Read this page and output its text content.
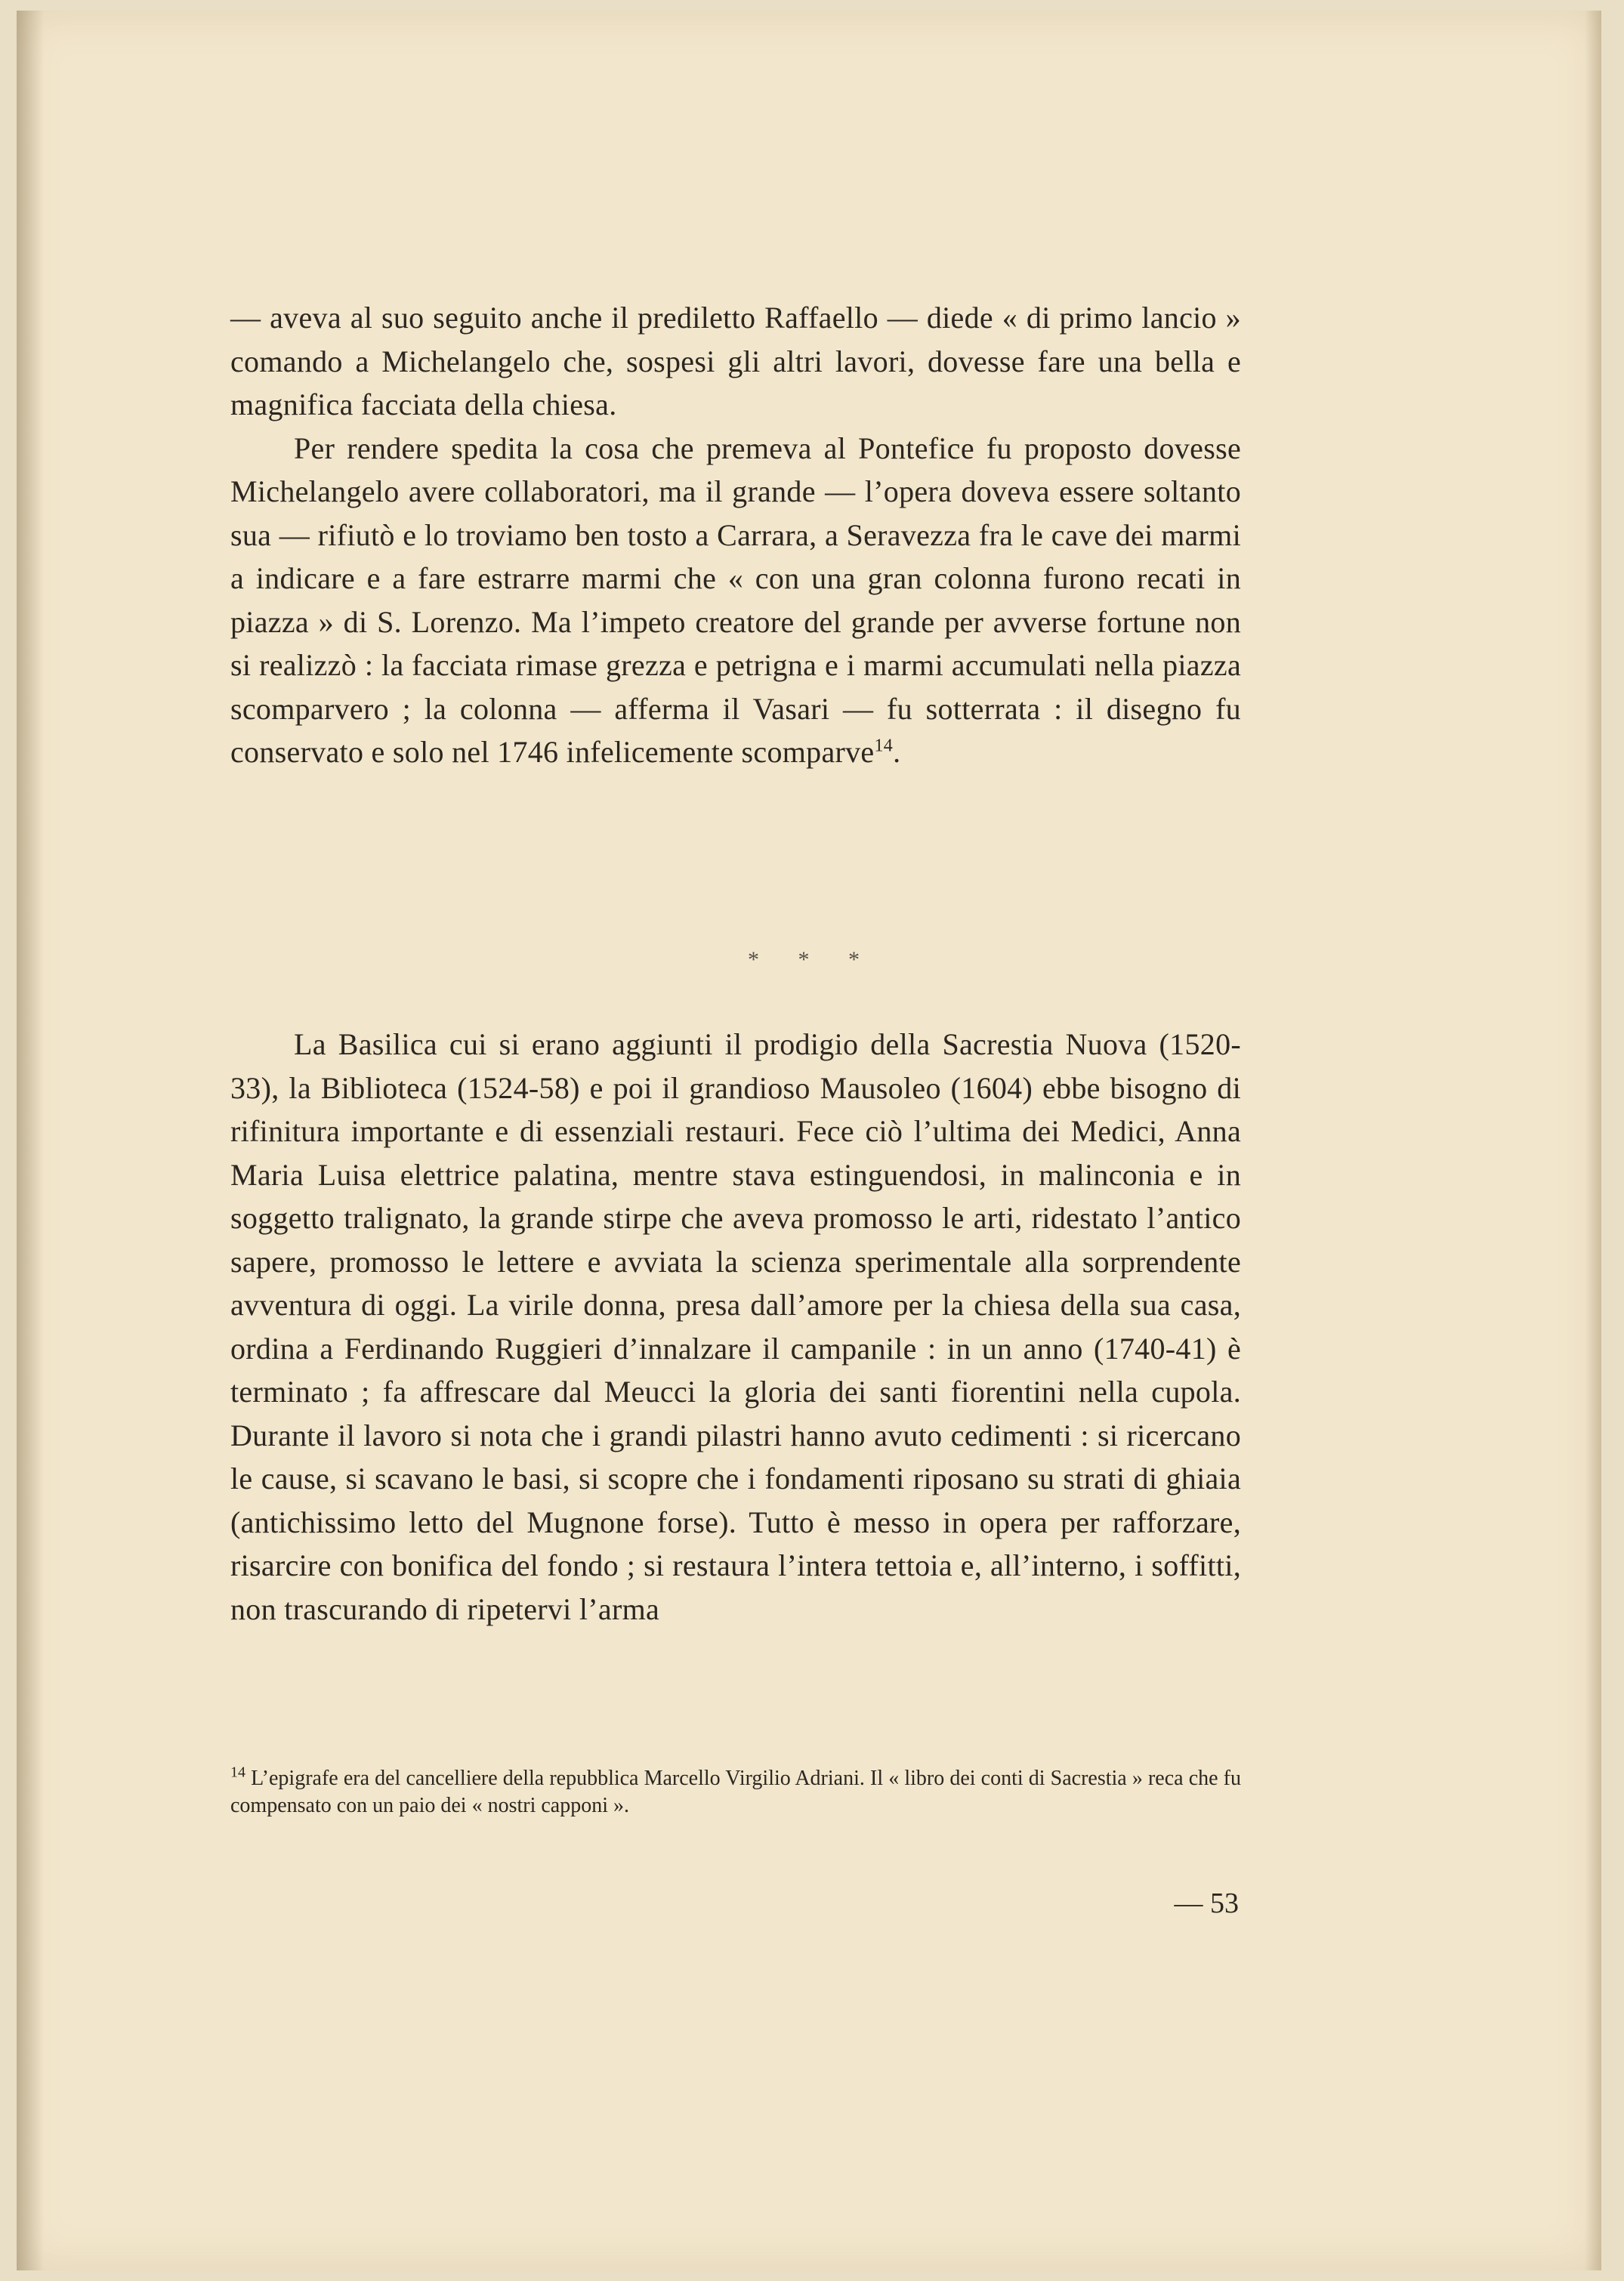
— aveva al suo seguito anche il prediletto Raffaello — diede « di primo lancio » comando a Michelangelo che, sospesi gli altri lavori, dovesse fare una bella e magnifica facciata della chiesa.

Per rendere spedita la cosa che premeva al Pontefice fu proposto dovesse Michelangelo avere collaboratori, ma il grande — l’opera doveva essere soltanto sua — rifiutò e lo troviamo ben tosto a Carrara, a Seravezza fra le cave dei marmi a indicare e a fare estrarre marmi che « con una gran colonna furono recati in piazza » di S. Lorenzo. Ma l’impeto creatore del grande per avverse fortune non si realizzò : la facciata rimase grezza e petrigna e i marmi accumulati nella piazza scomparvero ; la colonna — afferma il Vasari — fu sotterrata : il disegno fu conservato e solo nel 1746 infelicemente scomparve$^{14}$.

* * *

La Basilica cui si erano aggiunti il prodigio della Sacrestia Nuova (1520-33), la Biblioteca (1524-58) e poi il grandioso Mausoleo (1604) ebbe bisogno di rifinitura importante e di essenziali restauri. Fece ciò l’ultima dei Medici, Anna Maria Luisa elettrice palatina, mentre stava estinguendosi, in malinconia e in soggetto tralignato, la grande stirpe che aveva promosso le arti, ridestato l’antico sapere, promosso le lettere e avviata la scienza sperimentale alla sorprendente avventura di oggi. La virile donna, presa dall’amore per la chiesa della sua casa, ordina a Ferdinando Ruggieri d’innalzare il campanile : in un anno (1740-41) è terminato ; fa affrescare dal Meucci la gloria dei santi fiorentini nella cupola. Durante il lavoro si nota che i grandi pilastri hanno avuto cedimenti : si ricercano le cause, si scavano le basi, si scopre che i fondamenti riposano su strati di ghiaia (antichissimo letto del Mugnone forse). Tutto è messo in opera per rafforzare, risarcire con bonifica del fondo ; si restaura l’intera tettoia e, all’interno, i soffitti, non trascurando di ripetervi l’arma

$^{14}$ L’epigrafe era del cancelliere della repubblica Marcello Virgilio Adriani. Il « libro dei conti di Sacrestia » reca che fu compensato con un paio dei « nostri capponi ».

— 53
